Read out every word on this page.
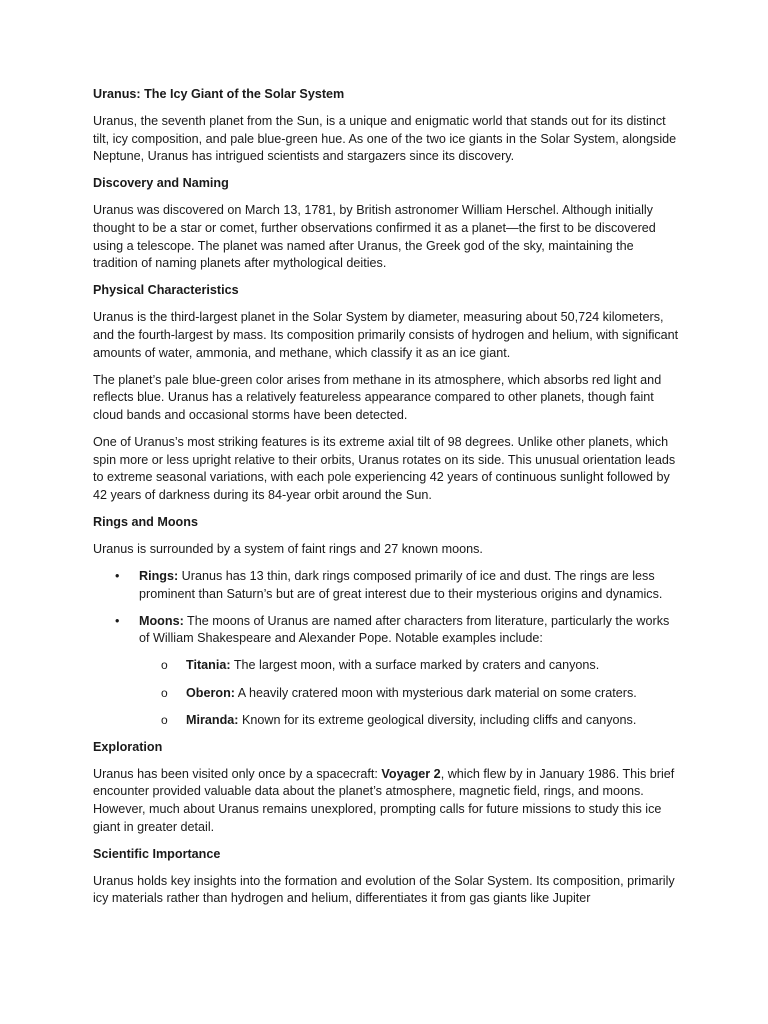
Uranus: The Icy Giant of the Solar System

Uranus, the seventh planet from the Sun, is a unique and enigmatic world that stands out for its distinct tilt, icy composition, and pale blue-green hue. As one of the two ice giants in the Solar System, alongside Neptune, Uranus has intrigued scientists and stargazers since its discovery.

Discovery and Naming

Uranus was discovered on March 13, 1781, by British astronomer William Herschel. Although initially thought to be a star or comet, further observations confirmed it as a planet—the first to be discovered using a telescope. The planet was named after Uranus, the Greek god of the sky, maintaining the tradition of naming planets after mythological deities.

Physical Characteristics

Uranus is the third-largest planet in the Solar System by diameter, measuring about 50,724 kilometers, and the fourth-largest by mass. Its composition primarily consists of hydrogen and helium, with significant amounts of water, ammonia, and methane, which classify it as an ice giant.

The planet’s pale blue-green color arises from methane in its atmosphere, which absorbs red light and reflects blue. Uranus has a relatively featureless appearance compared to other planets, though faint cloud bands and occasional storms have been detected.

One of Uranus’s most striking features is its extreme axial tilt of 98 degrees. Unlike other planets, which spin more or less upright relative to their orbits, Uranus rotates on its side. This unusual orientation leads to extreme seasonal variations, with each pole experiencing 42 years of continuous sunlight followed by 42 years of darkness during its 84-year orbit around the Sun.

Rings and Moons

Uranus is surrounded by a system of faint rings and 27 known moons.

• Rings: Uranus has 13 thin, dark rings composed primarily of ice and dust. The rings are less prominent than Saturn’s but are of great interest due to their mysterious origins and dynamics.
• Moons: The moons of Uranus are named after characters from literature, particularly the works of William Shakespeare and Alexander Pope. Notable examples include:
o Titania: The largest moon, with a surface marked by craters and canyons.
o Oberon: A heavily cratered moon with mysterious dark material on some craters.
o Miranda: Known for its extreme geological diversity, including cliffs and canyons.

Exploration

Uranus has been visited only once by a spacecraft: Voyager 2, which flew by in January 1986. This brief encounter provided valuable data about the planet’s atmosphere, magnetic field, rings, and moons. However, much about Uranus remains unexplored, prompting calls for future missions to study this ice giant in greater detail.

Scientific Importance

Uranus holds key insights into the formation and evolution of the Solar System. Its composition, primarily icy materials rather than hydrogen and helium, differentiates it from gas giants like Jupiter
